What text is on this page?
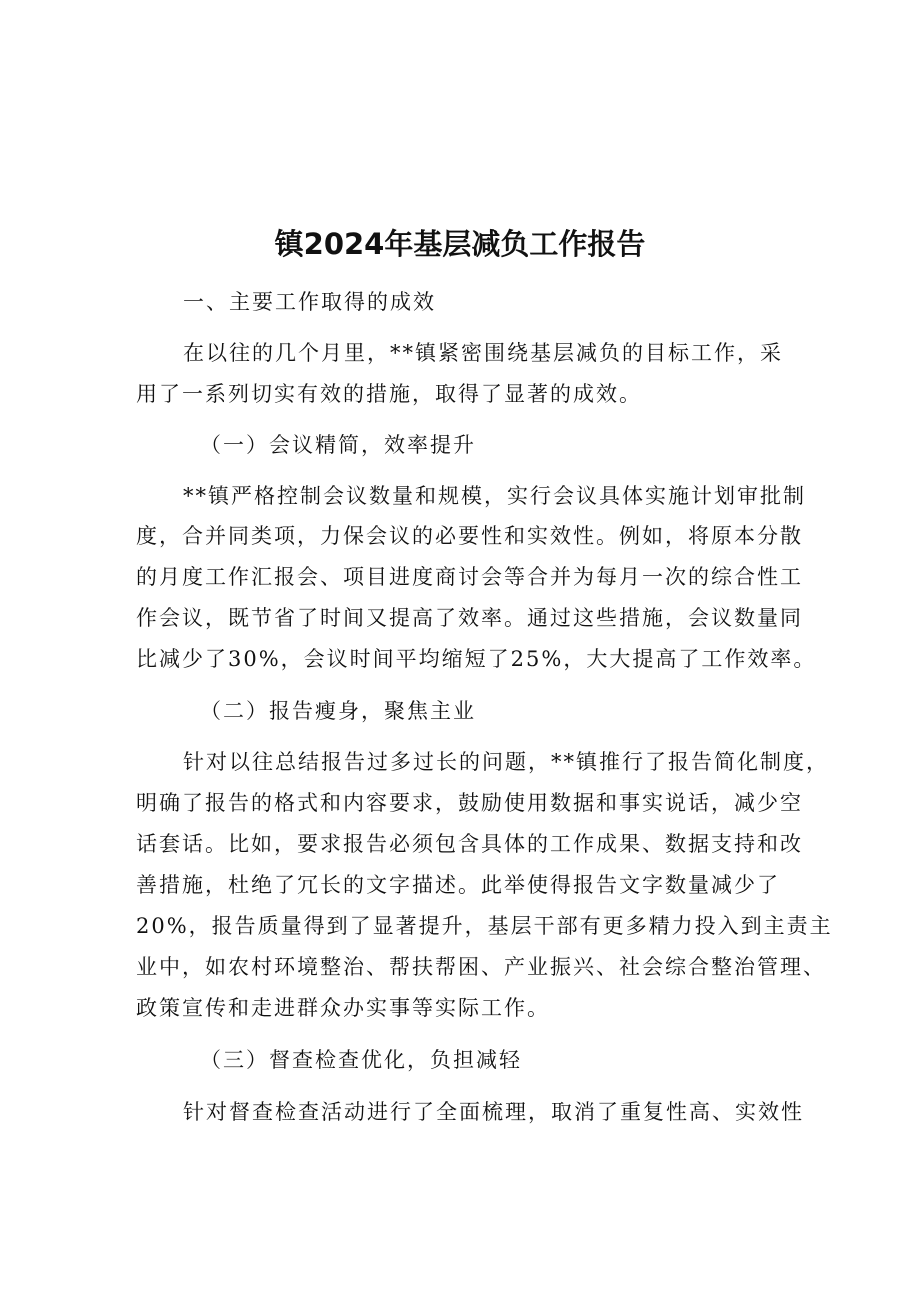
镇2024年基层减负工作报告

一、主要工作取得的成效

在以往的几个月里，**镇紧密围绕基层减负的目标工作，采

用了一系列切实有效的措施，取得了显著的成效。

（一）会议精简，效率提升

**镇严格控制会议数量和规模，实行会议具体实施计划审批制

度，合并同类项，力保会议的必要性和实效性。例如，将原本分散

的月度工作汇报会、项目进度商讨会等合并为每月一次的综合性工

作会议，既节省了时间又提高了效率。通过这些措施，会议数量同

比减少了30%，会议时间平均缩短了25%，大大提高了工作效率。

（二）报告瘦身，聚焦主业

针对以往总结报告过多过长的问题，**镇推行了报告简化制度，

明确了报告的格式和内容要求，鼓励使用数据和事实说话，减少空

话套话。比如，要求报告必须包含具体的工作成果、数据支持和改

善措施，杜绝了冗长的文字描述。此举使得报告文字数量减少了

20%，报告质量得到了显著提升，基层干部有更多精力投入到主责主

业中，如农村环境整治、帮扶帮困、产业振兴、社会综合整治管理、

政策宣传和走进群众办实事等实际工作。

（三）督查检查优化，负担减轻

针对督查检查活动进行了全面梳理，取消了重复性高、实效性
